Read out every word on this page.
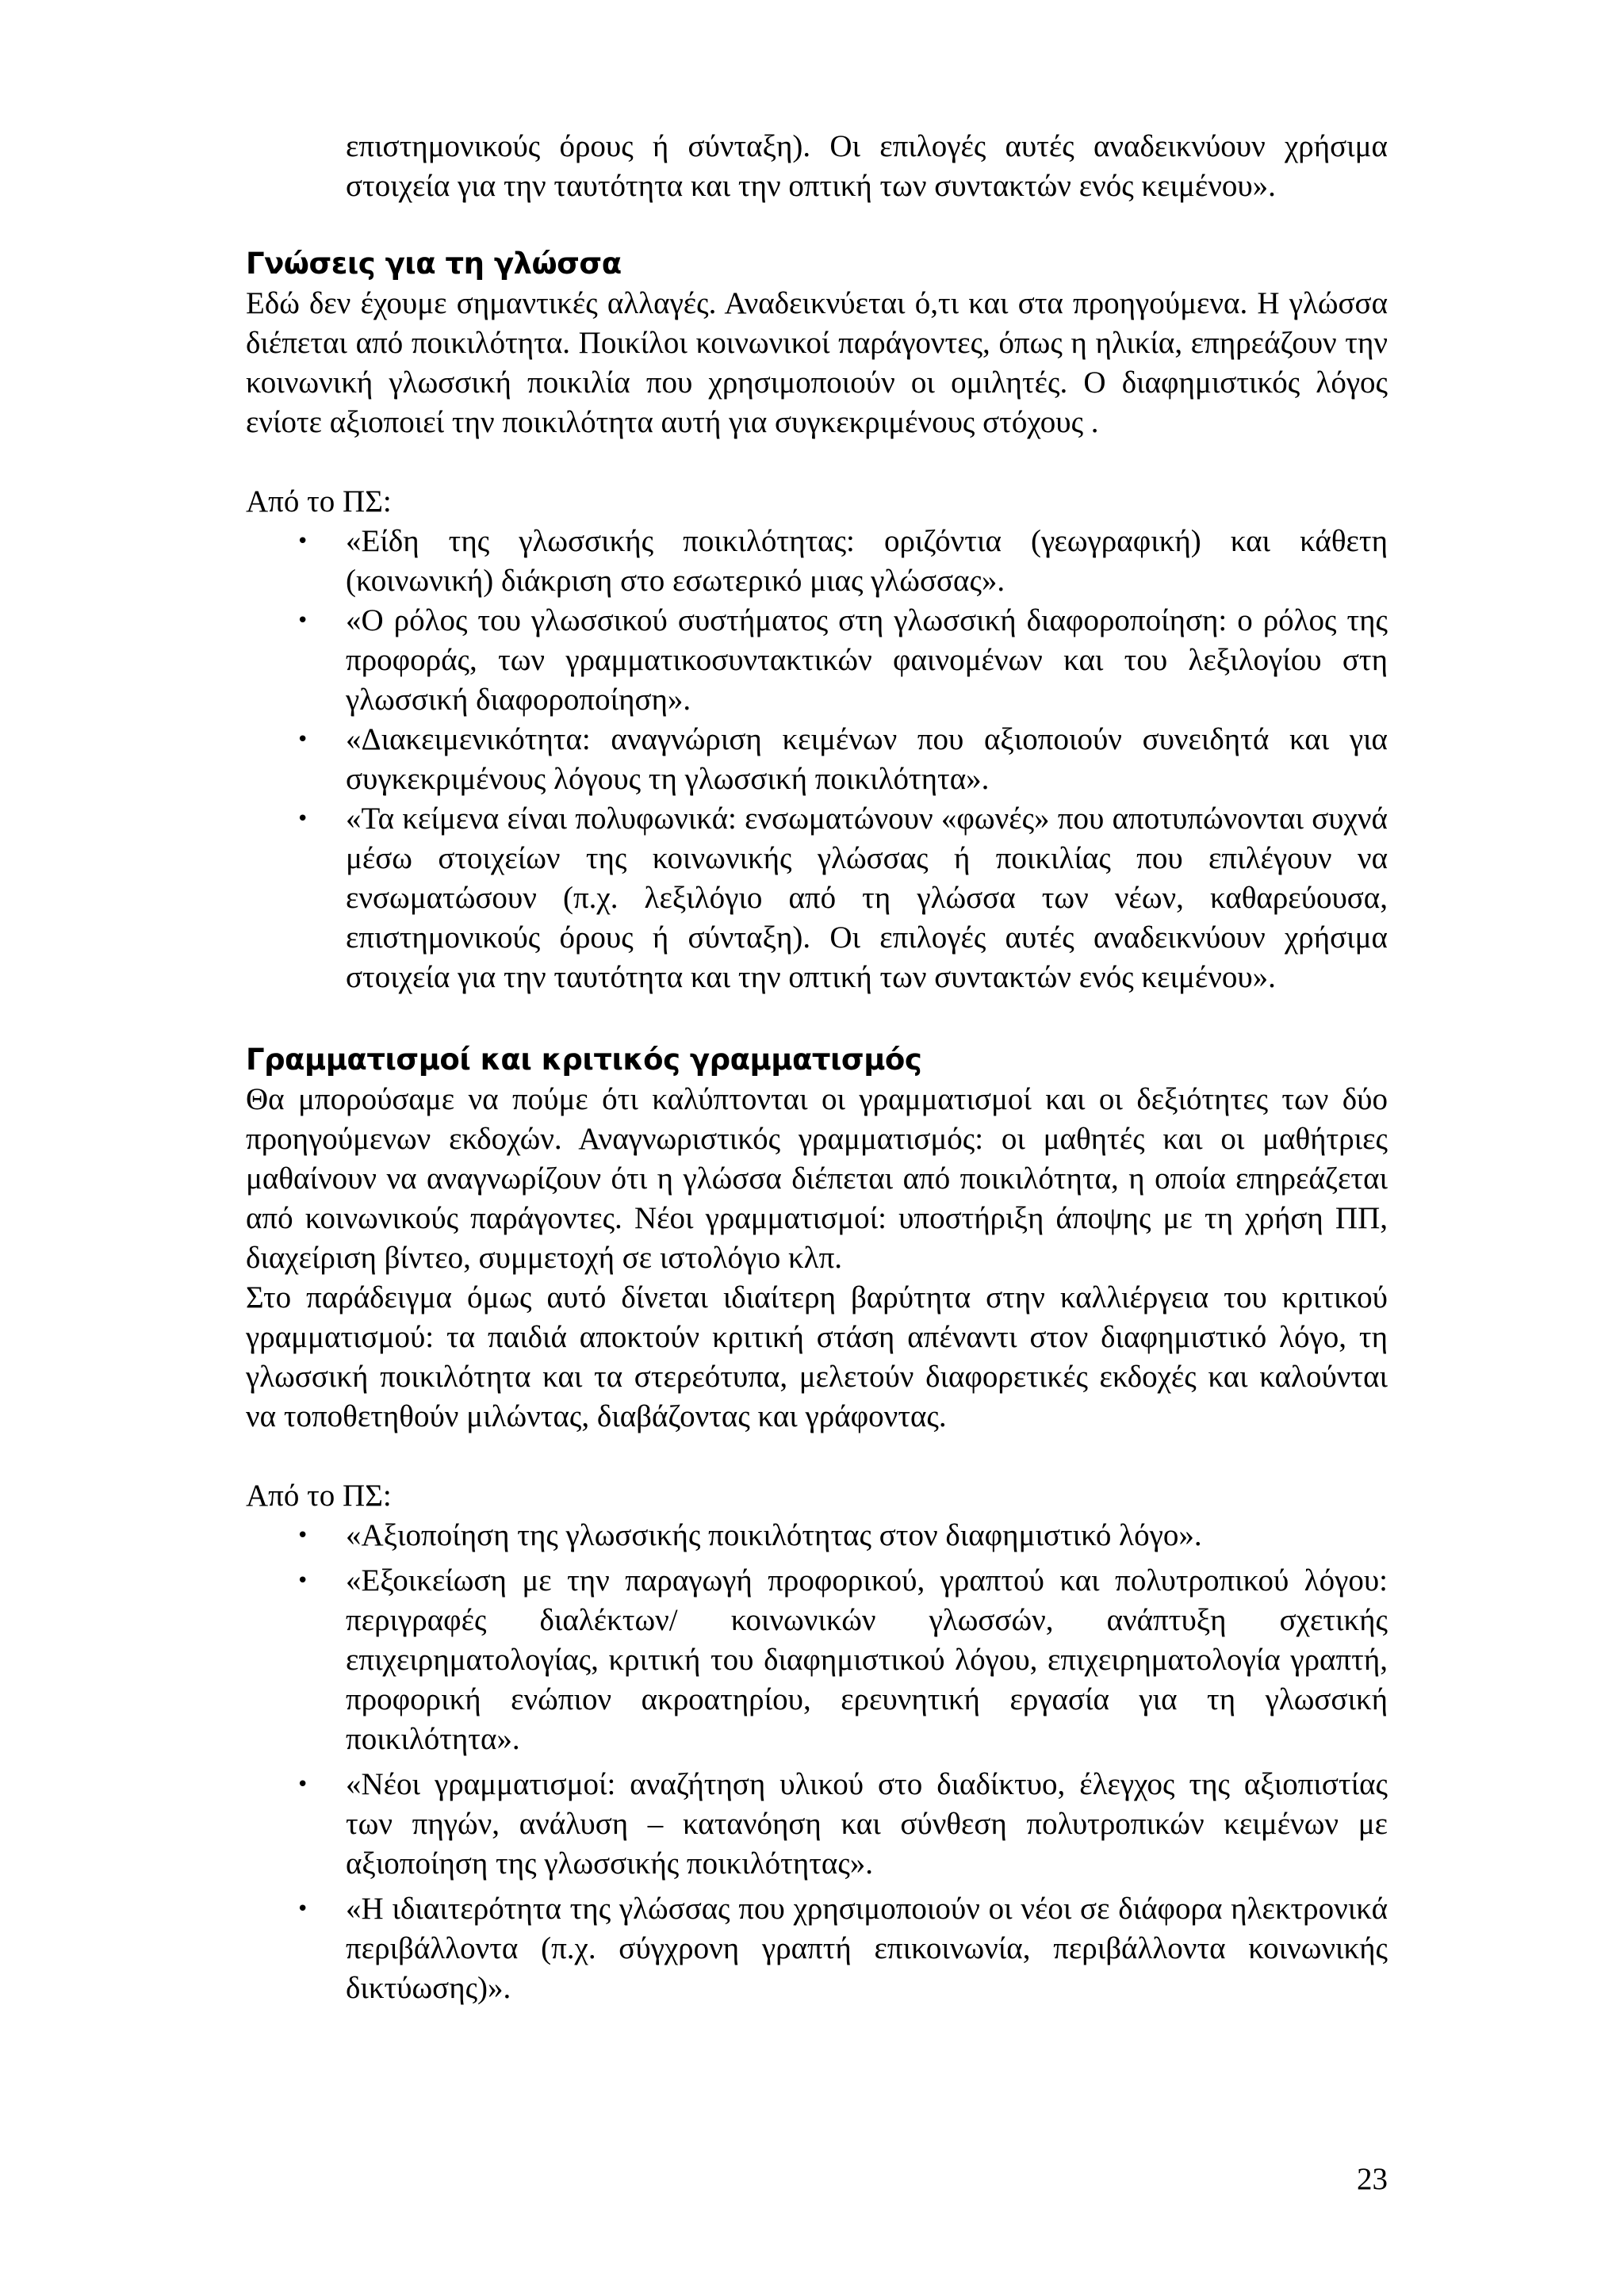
επιστημονικούς όρους ή σύνταξη). Οι επιλογές αυτές αναδεικνύουν χρήσιμα στοιχεία για την ταυτότητα και την οπτική των συντακτών ενός κειμένου».

Γνώσεις για τη γλώσσα

Εδώ δεν έχουμε σημαντικές αλλαγές. Αναδεικνύεται ό,τι και στα προηγούμενα. Η γλώσσα διέπεται από ποικιλότητα. Ποικίλοι κοινωνικοί παράγοντες, όπως η ηλικία, επηρεάζουν την κοινωνική γλωσσική ποικιλία που χρησιμοποιούν οι ομιλητές. Ο διαφημιστικός λόγος ενίοτε αξιοποιεί την ποικιλότητα αυτή για συγκεκριμένους στόχους .

Από το ΠΣ:

• «Είδη της γλωσσικής ποικιλότητας: οριζόντια (γεωγραφική) και κάθετη (κοινωνική) διάκριση στο εσωτερικό μιας γλώσσας».
• «Ο ρόλος του γλωσσικού συστήματος στη γλωσσική διαφοροποίηση: ο ρόλος της προφοράς, των γραμματικοσυντακτικών φαινομένων και του λεξιλογίου στη γλωσσική διαφοροποίηση».
• «Διακειμενικότητα: αναγνώριση κειμένων που αξιοποιούν συνειδητά και για συγκεκριμένους λόγους τη γλωσσική ποικιλότητα».
• «Τα κείμενα είναι πολυφωνικά: ενσωματώνουν «φωνές» που αποτυπώνονται συχνά μέσω στοιχείων της κοινωνικής γλώσσας ή ποικιλίας που επιλέγουν να ενσωματώσουν (π.χ. λεξιλόγιο από τη γλώσσα των νέων, καθαρεύουσα, επιστημονικούς όρους ή σύνταξη). Οι επιλογές αυτές αναδεικνύουν χρήσιμα στοιχεία για την ταυτότητα και την οπτική των συντακτών ενός κειμένου».
Γραμματισμοί και κριτικός γραμματισμός

Θα μπορούσαμε να πούμε ότι καλύπτονται οι γραμματισμοί και οι δεξιότητες των δύο προηγούμενων εκδοχών. Αναγνωριστικός γραμματισμός: οι μαθητές και οι μαθήτριες μαθαίνουν να αναγνωρίζουν ότι η γλώσσα διέπεται από ποικιλότητα, η οποία επηρεάζεται από κοινωνικούς παράγοντες. Νέοι γραμματισμοί: υποστήριξη άποψης με τη χρήση ΠΠ, διαχείριση βίντεο, συμμετοχή σε ιστολόγιο κλπ.

Στο παράδειγμα όμως αυτό δίνεται ιδιαίτερη βαρύτητα στην καλλιέργεια του κριτικού γραμματισμού: τα παιδιά αποκτούν κριτική στάση απέναντι στον διαφημιστικό λόγο, τη γλωσσική ποικιλότητα και τα στερεότυπα, μελετούν διαφορετικές εκδοχές και καλούνται να τοποθετηθούν μιλώντας, διαβάζοντας και γράφοντας.

Από το ΠΣ:

• «Αξιοποίηση της γλωσσικής ποικιλότητας στον διαφημιστικό λόγο».
• «Εξοικείωση με την παραγωγή προφορικού, γραπτού και πολυτροπικού λόγου: περιγραφές διαλέκτων/ κοινωνικών γλωσσών, ανάπτυξη σχετικής επιχειρηματολογίας, κριτική του διαφημιστικού λόγου, επιχειρηματολογία γραπτή, προφορική ενώπιον ακροατηρίου, ερευνητική εργασία για τη γλωσσική ποικιλότητα».
• «Νέοι γραμματισμοί: αναζήτηση υλικού στο διαδίκτυο, έλεγχος της αξιοπιστίας των πηγών, ανάλυση – κατανόηση και σύνθεση πολυτροπικών κειμένων με αξιοποίηση της γλωσσικής ποικιλότητας».
• «Η ιδιαιτερότητα της γλώσσας που χρησιμοποιούν οι νέοι σε διάφορα ηλεκτρονικά περιβάλλοντα (π.χ. σύγχρονη γραπτή επικοινωνία, περιβάλλοντα κοινωνικής δικτύωσης)».
23
